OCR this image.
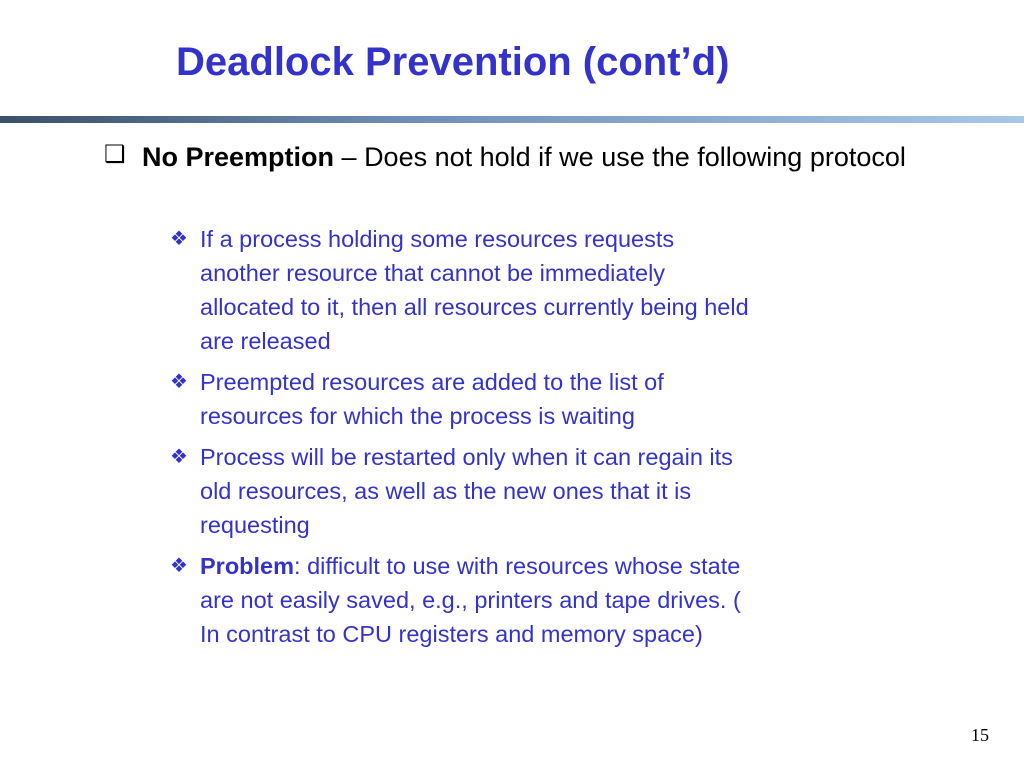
Deadlock Prevention (cont’d)
❑ No Preemption – Does not hold if we use the following protocol
❖ If a process holding some resources requests
another resource that cannot be immediately
allocated to it, then all resources currently being held
are released
❖ Preempted resources are added to the list of
resources for which the process is waiting
❖ Process will be restarted only when it can regain its
old resources, as well as the new ones that it is
requesting
❖ Problem: difficult to use with resources whose state
are not easily saved, e.g., printers and tape drives. (
In contrast to CPU registers and memory space)
15
